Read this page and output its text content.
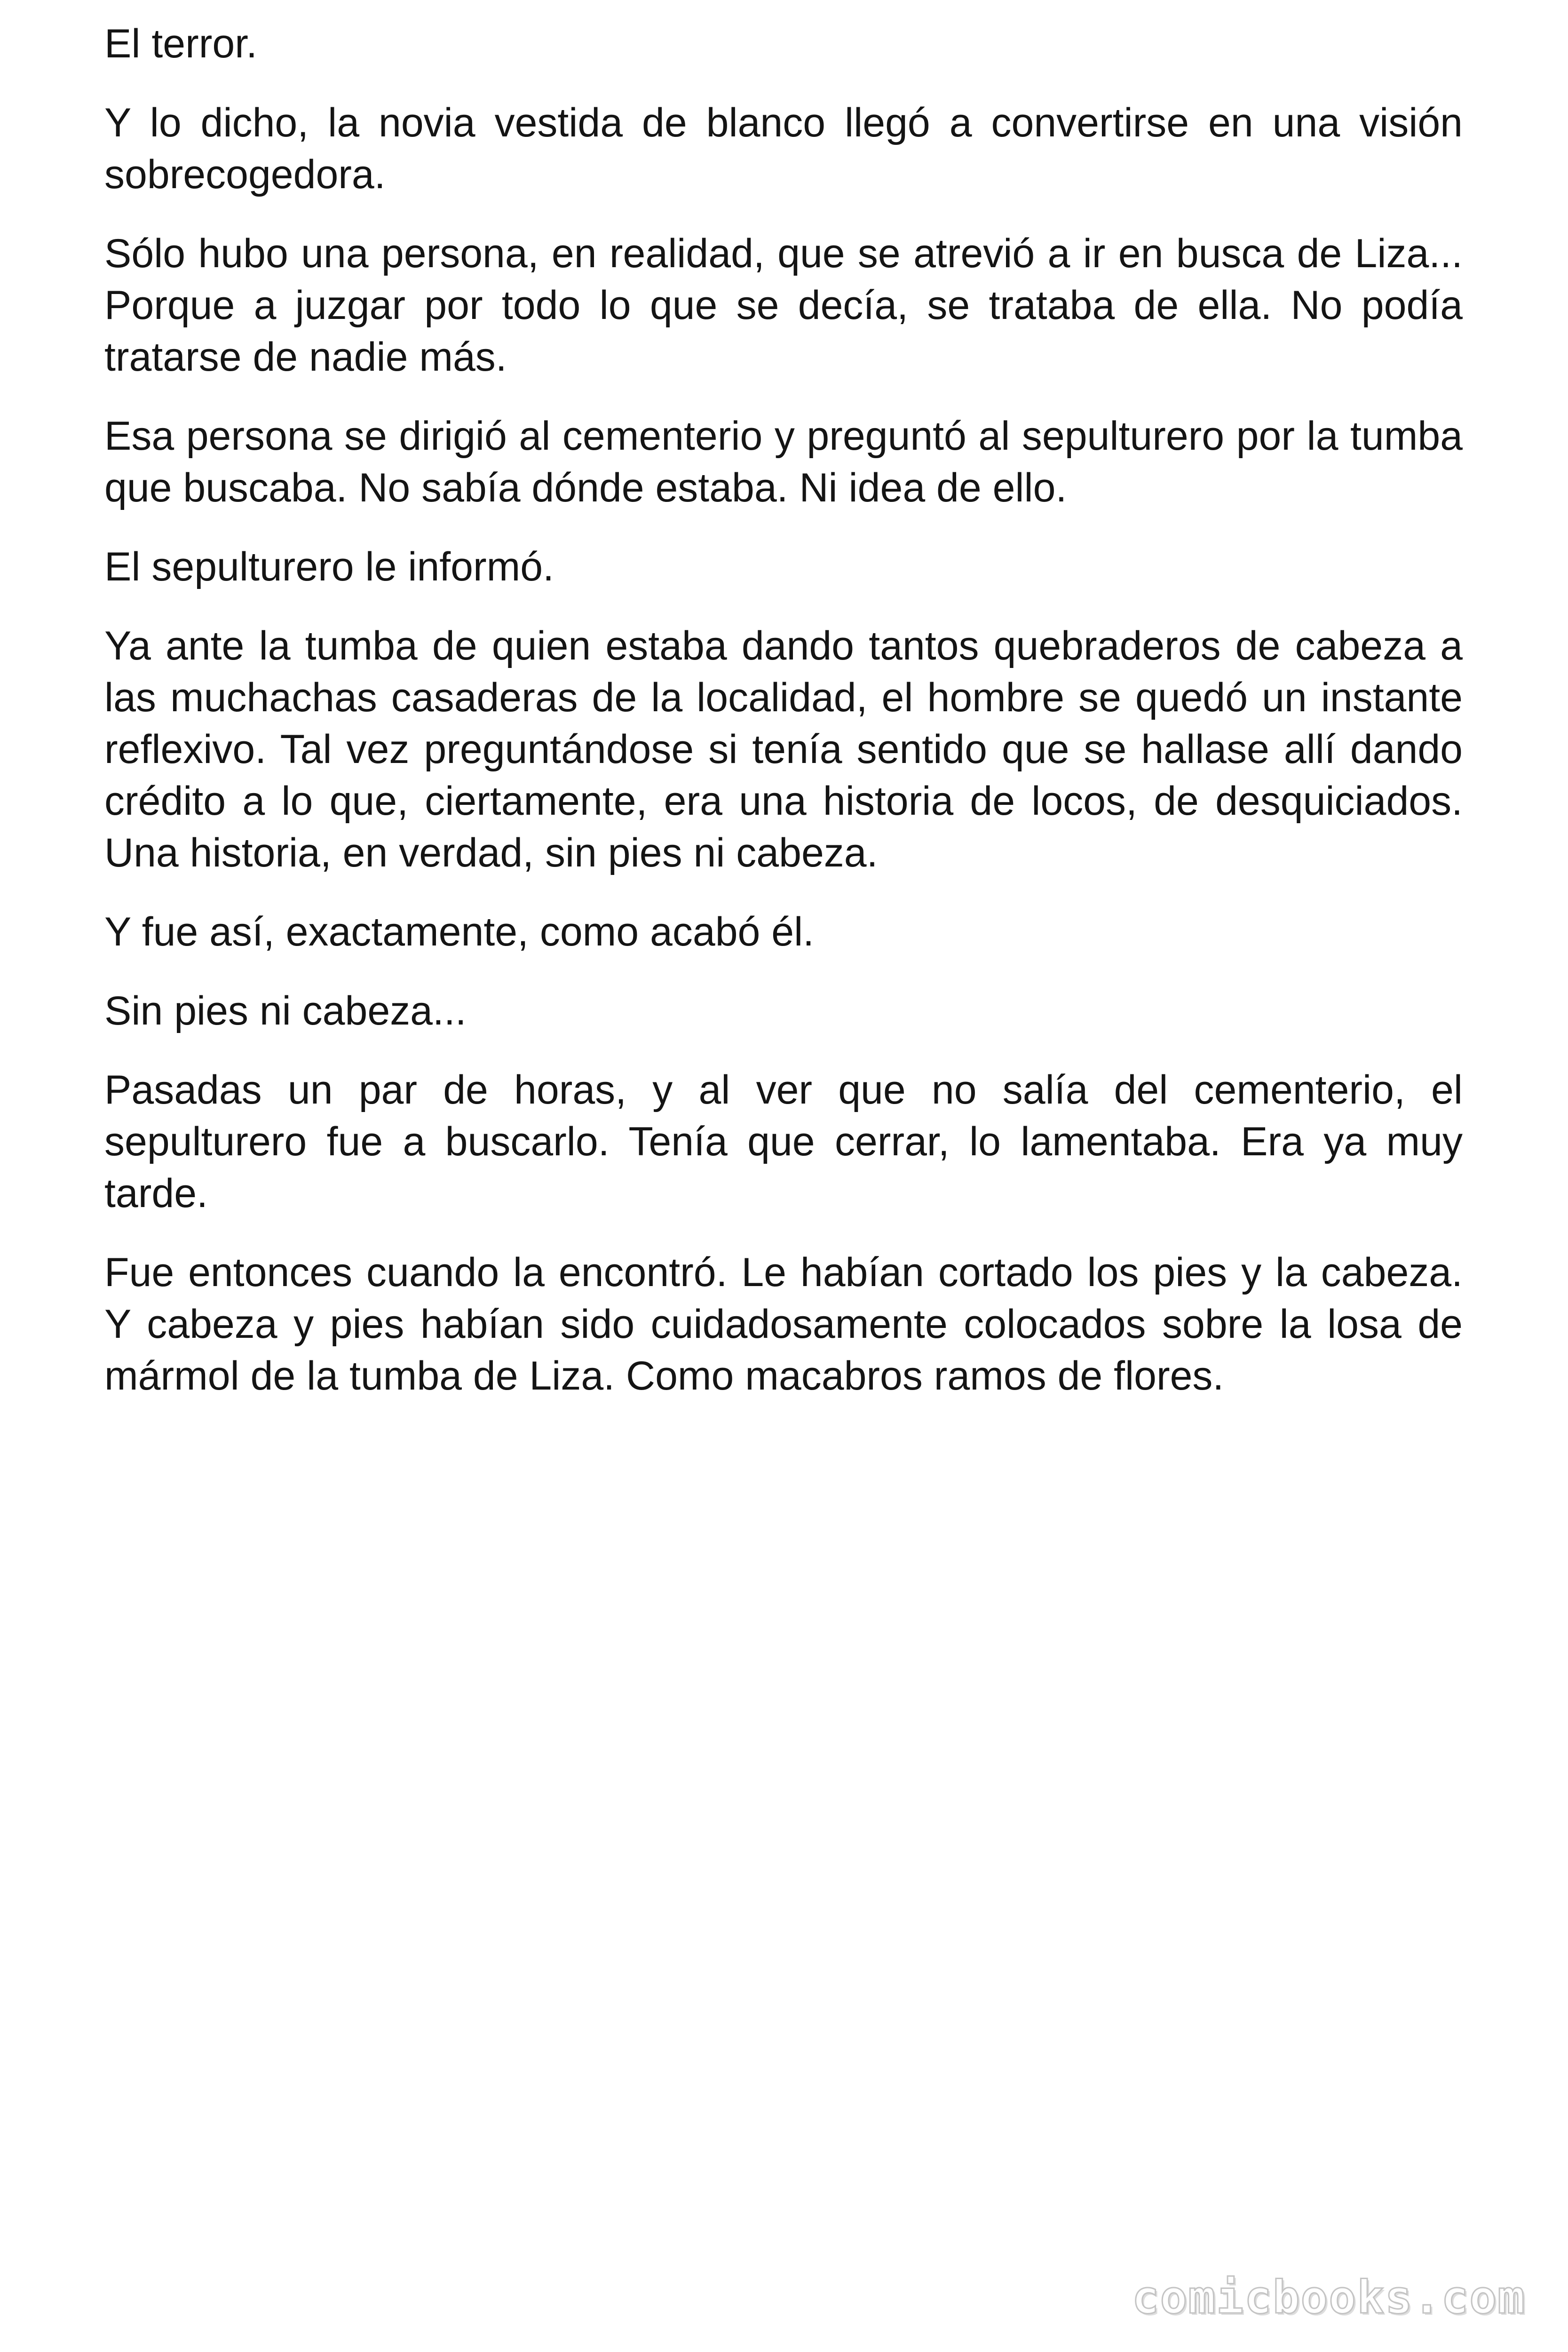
El terror.

Y lo dicho, la novia vestida de blanco llegó a convertirse en una visión sobrecogedora.

Sólo hubo una persona, en realidad, que se atrevió a ir en busca de Liza... Porque a juzgar por todo lo que se decía, se trataba de ella. No podía tratarse de nadie más.

Esa persona se dirigió al cementerio y preguntó al sepulturero por la tumba que buscaba. No sabía dónde estaba. Ni idea de ello.

El sepulturero le informó.

Ya ante la tumba de quien estaba dando tantos quebraderos de cabeza a las muchachas casaderas de la localidad, el hombre se quedó un instante reflexivo. Tal vez preguntándose si tenía sentido que se hallase allí dando crédito a lo que, ciertamente, era una historia de locos, de desquiciados. Una historia, en verdad, sin pies ni cabeza.

Y fue así, exactamente, como acabó él.

Sin pies ni cabeza...

Pasadas un par de horas, y al ver que no salía del cementerio, el sepulturero fue a buscarlo. Tenía que cerrar, lo lamentaba. Era ya muy tarde.

Fue entonces cuando la encontró. Le habían cortado los pies y la cabeza. Y cabeza y pies habían sido cuidadosamente colocados sobre la losa de mármol de la tumba de Liza. Como macabros ramos de flores.

comicbooks.com
